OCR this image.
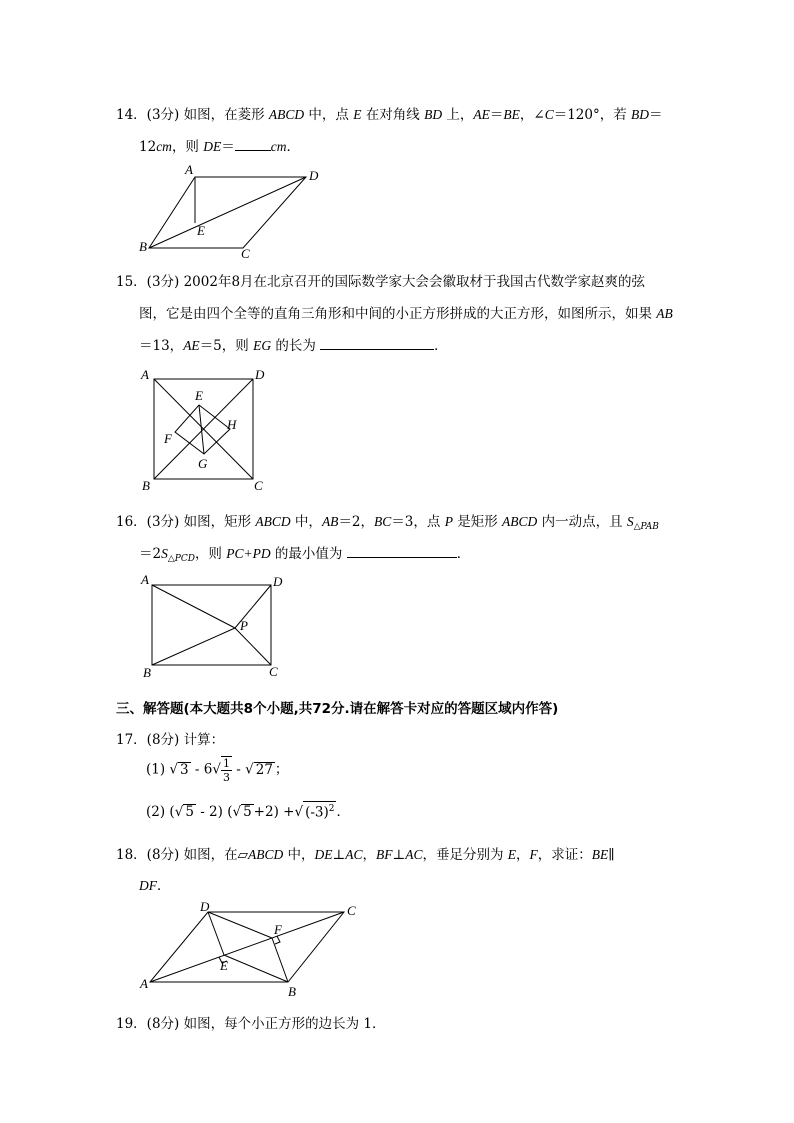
14．(3分) 如图，在菱形 ABCD 中，点 E 在对角线 BD 上，AE＝BE，∠C＝120°，若 BD＝
12cm，则 DE＝	cm．
A	D
E
B	C
15．(3分) 2002年8月在北京召开的国际数学家大会会徽取材于我国古代数学家赵爽的弦
图，它是由四个全等的直角三角形和中间的小正方形拼成的大正方形，如图所示，如果 AB
＝13，AE＝5，则 EG 的长为	．
A	D
E
H
F
G
B	C
16．(3分) 如图，矩形 ABCD 中，AB＝2，BC＝3，点 P 是矩形 ABCD 内一动点，且 $S_{\triangle PAB}$
$=2S_{\triangle PCD}$，则 PC+PD 的最小值为	．
A	D
P
B	C
三、解答题(本大题共8个小题,共72分.请在解答卡对应的答题区域内作答)
17．(8分) 计算：
(1) √ $3 - 6√ \frac{1}{3}$ - √ 27 ；
(2) (√ 5 - 2) (√ 5 +2) +√ $(-3)^2$ ．
18．(8分) 如图，在▱ABCD 中，DE⊥AC，BF⊥AC，垂足分别为 E，F，求证：BE∥
DF．
D	C
F
E
A
B
19．(8分) 如图，每个小正方形的边长为 1．
